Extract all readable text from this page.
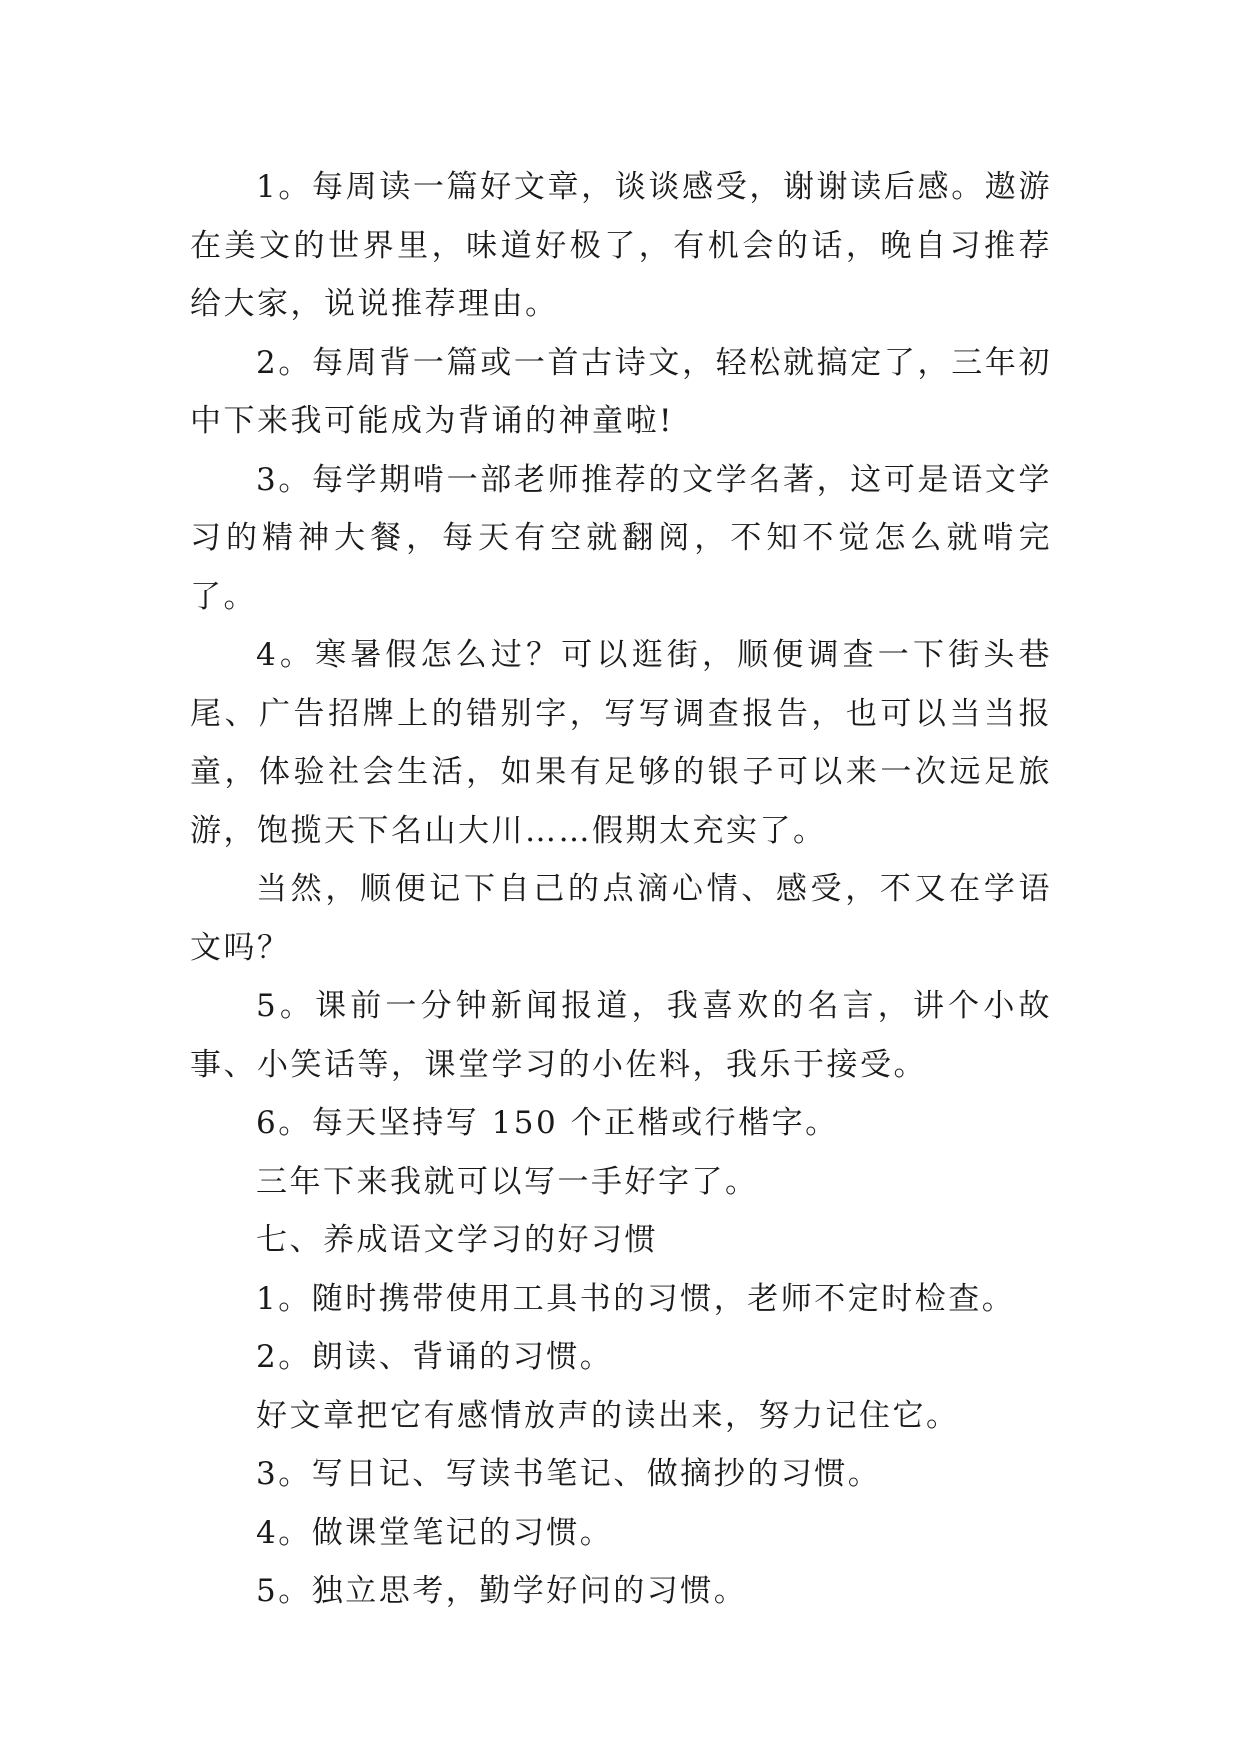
1。每周读一篇好文章，谈谈感受，谢谢读后感。遨游在美文的世界里，味道好极了，有机会的话，晚自习推荐给大家，说说推荐理由。

2。每周背一篇或一首古诗文，轻松就搞定了，三年初中下来我可能成为背诵的神童啦!

3。每学期啃一部老师推荐的文学名著，这可是语文学习的精神大餐，每天有空就翻阅，不知不觉怎么就啃完了。

4。寒暑假怎么过？可以逛街，顺便调查一下街头巷尾、广告招牌上的错别字，写写调查报告，也可以当当报童，体验社会生活，如果有足够的银子可以来一次远足旅游，饱揽天下名山大川……假期太充实了。

当然，顺便记下自己的点滴心情、感受，不又在学语文吗？

5。课前一分钟新闻报道，我喜欢的名言，讲个小故事、小笑话等，课堂学习的小佐料，我乐于接受。

6。每天坚持写 150 个正楷或行楷字。

三年下来我就可以写一手好字了。

七、养成语文学习的好习惯

1。随时携带使用工具书的习惯，老师不定时检查。

2。朗读、背诵的习惯。

好文章把它有感情放声的读出来，努力记住它。

3。写日记、写读书笔记、做摘抄的习惯。

4。做课堂笔记的习惯。

5。独立思考，勤学好问的习惯。
